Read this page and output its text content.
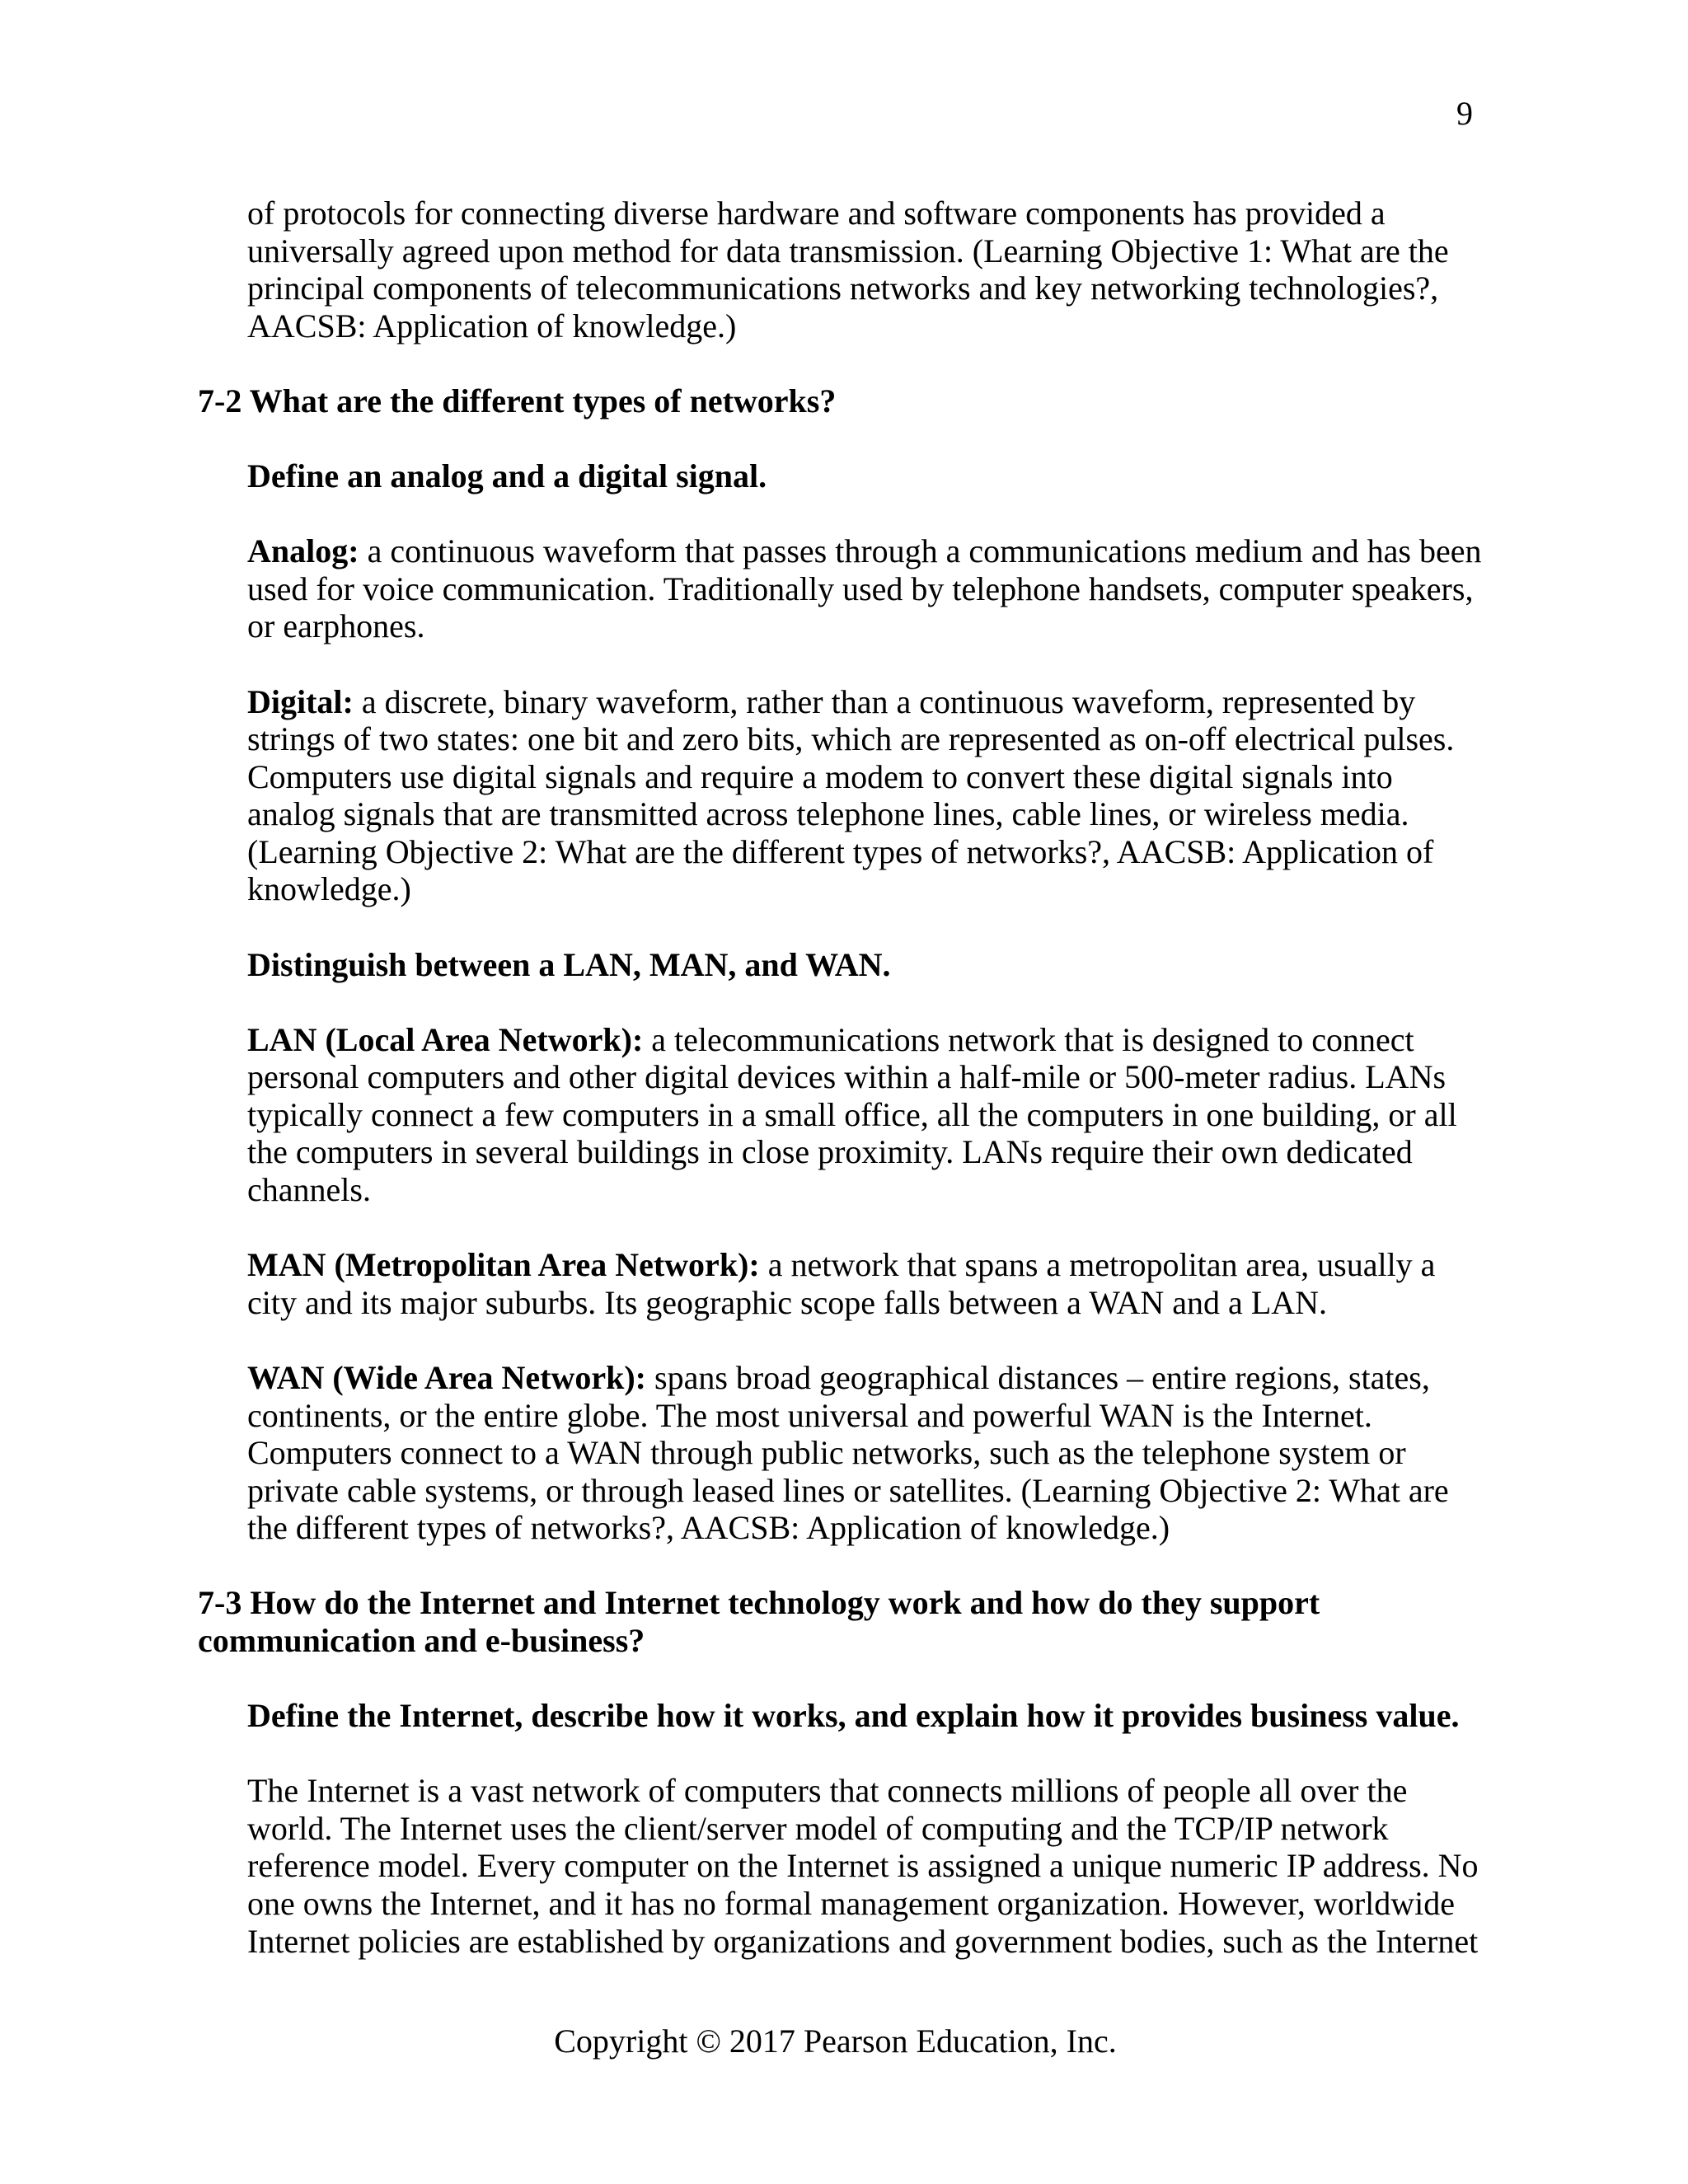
9
of protocols for connecting diverse hardware and software components has provided a
universally agreed upon method for data transmission. (Learning Objective 1: What are the
principal components of telecommunications networks and key networking technologies?,
AACSB: Application of knowledge.)
7-2 What are the different types of networks?
Define an analog and a digital signal.
Analog: a continuous waveform that passes through a communications medium and has been
used for voice communication. Traditionally used by telephone handsets, computer speakers,
or earphones.
Digital: a discrete, binary waveform, rather than a continuous waveform, represented by
strings of two states: one bit and zero bits, which are represented as on-off electrical pulses.
Computers use digital signals and require a modem to convert these digital signals into
analog signals that are transmitted across telephone lines, cable lines, or wireless media.
(Learning Objective 2: What are the different types of networks?, AACSB: Application of
knowledge.)
Distinguish between a LAN, MAN, and WAN.
LAN (Local Area Network): a telecommunications network that is designed to connect
personal computers and other digital devices within a half-mile or 500-meter radius. LANs
typically connect a few computers in a small office, all the computers in one building, or all
the computers in several buildings in close proximity. LANs require their own dedicated
channels.
MAN (Metropolitan Area Network): a network that spans a metropolitan area, usually a
city and its major suburbs. Its geographic scope falls between a WAN and a LAN.
WAN (Wide Area Network): spans broad geographical distances – entire regions, states,
continents, or the entire globe. The most universal and powerful WAN is the Internet.
Computers connect to a WAN through public networks, such as the telephone system or
private cable systems, or through leased lines or satellites. (Learning Objective 2: What are
the different types of networks?, AACSB: Application of knowledge.)
7-3 How do the Internet and Internet technology work and how do they support
communication and e-business?
Define the Internet, describe how it works, and explain how it provides business value.
The Internet is a vast network of computers that connects millions of people all over the
world. The Internet uses the client/server model of computing and the TCP/IP network
reference model. Every computer on the Internet is assigned a unique numeric IP address. No
one owns the Internet, and it has no formal management organization. However, worldwide
Internet policies are established by organizations and government bodies, such as the Internet
Copyright © 2017 Pearson Education, Inc.
